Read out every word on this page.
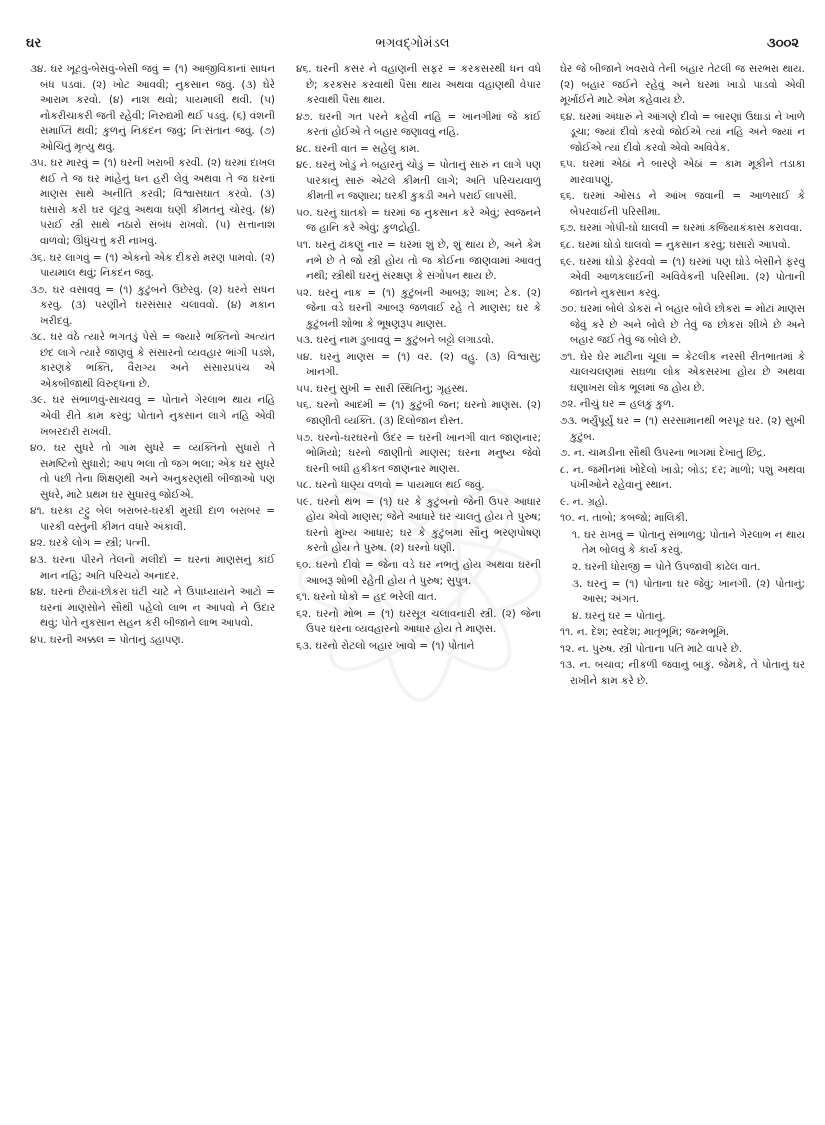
ઘર	ભગવદ્ગોમંડલ	૩૦૦૨

૩૪. ઘર ખૂટવું-બેસવું-બેસી જવું = (૧) આજીવિકાનાં સાધન બંધ પડવાં. (૨) ખોટ આવવી; નુકસાન જવું. (૩) ઘેરે આરામ કરવો. (૪) નાશ થવો; પાયમાલી થવી. (૫) નોકરીચાકરી જતી રહેવી; નિરુદ્યમી થઈ પડવું. (૬) વંશની સમાપ્તિ થવી; કુળનું નિકંદન જવું; નિઃસંતાન જવું. (૭) ઓચિંતું મૃત્યુ થવું.

૩૫. ઘર મારવું = (૧) ઘરની ખરાબી કરવી. (૨) ઘરમાં દાખલ થઈ તે જ ઘર માંહેનું ધન હરી લેવું અથવા તે જ ઘરનાં માણસ સાથે અનીતિ કરવી; વિશ્વાસઘાત કરવો. (૩) ઘસારો કરી ઘર લૂંટવું અથવા ઘણી કીમતનું ચોરવું. (૪) પરાઈ સ્ત્રી સાથે નઠારો સંબંધ રાખવો. (૫) સત્તાનાશ વાળવો; ઊંધુંચત્તું કરી નાખવું.

૩૬. ઘર લાગવું = (૧) એકનો એક દીકરો મરણ પામવો. (૨) પાયમાલ થવું; નિકંદન જવું.

૩૭. ઘર વસાવવું = (૧) કુટુંબને ઉછેરવું. (૨) ઘરને સધન કરવું. (૩) પરણીને ઘરસંસાર ચલાવવો. (૪) મકાન ખરીદવું.

૩૮. ઘર વંઠે ત્યારે ભગતડું પેસે = જ્યારે ભક્તિનો અત્યંત છંદ લાગે ત્યારે જાણવું કે સંસારનો વ્યવહાર ભાંગી પડશે, કારણકે ભક્તિ, વૈરાગ્ય અને સંસારપ્રપંચ એ એકબીજાથી વિરુદ્ધનાં છે.

૩૯. ઘર સંભાળવું-સાચવવું = પોતાને ગેરલાભ થાય નહિ એવી રીતે કામ કરવું; પોતાને નુકસાન લાગે નહિ એવી ખબરદારી રાખવી.

૪૦. ઘર સુધરે તો ગામ સુધરે = વ્યક્તિનો સુધારો તે સમષ્ટિનો સુધારો; આપ ભલા તો જગ ભલા; એક ઘર સુધરે તો પછી તેના શિક્ષણથી અને અનુકરણથી બીજાઓ પણ સુધરે, માટે પ્રથમ ઘર સુધારવું જોઈએ.

૪૧. ઘરકા ટટ્ટુ બેલ બરાબર-ઘરકી મુરઘી દાળ બરાબર = પારકી વસ્તુની કીમત વધારે અંકાવી.

૪૨. ઘરકે લોગ = સ્ત્રી; પત્ની.

૪૩. ઘરના પીરને તેલનો મલીદો = ઘરનાં માણસનું કાંઈ માન નહિ; અતિ પરિચયે અનાદર.

૪૪. ઘરનાં છૈયાં-છોકરાં ઘંટી ચાટે ને ઉપાધ્યાયને આટો = ઘરનાં માણસોને સૌથી પહેલો લાભ ન આપવો ને ઉદાર થવું; પોતે નુકસાન સહન કરી બીજાને લાભ આપવો.

૪૫. ઘરની અક્કલ = પોતાનું ડહાપણ.

૪૬. ઘરની કસર ને વહાણની સફર = કરકસરથી ધન વધે છે; કરકસર કરવાથી પૈસા થાય અથવા વહાણથી વેપાર કરવાથી પૈસા થાય.

૪૭. ઘરની ગત પરને કહેવી નહિ = ખાનગીમાં જે કાંઈ કરતાં હોઈએ તે બહાર જણાવવું નહિ.

૪૮. ઘરની વાત = સહેલું કામ.

૪૯. ઘરનું ખોડું ને બહારનું ચોડું = પોતાનું સારું ન લાગે પણ પારકાનું સારું એટલે કીમતી લાગે; અતિ પરિચયવાળું કીમતી ન જણાય; ઘરકી કુકડી અને પરાઈ લાપસી.

૫૦. ઘરનું ઘાતકો = ઘરમાં જ નુકસાન કરે એવું; સ્વજનને જ હાનિ કરે એવું; કુળદ્રોહી.

૫૧. ઘરનું ઢાંકણું નાર = ઘરમાં શું છે, શું થાય છે, અને કેમ નભે છે તે જો સ્ત્રી હોય તો જ કોઈના જાણવામાં આવતું નથી; સ્ત્રીથી ઘરનું સંરક્ષણ કે સંગોપન થાય છે.

૫૨. ઘરનું નાક = (૧) કુટુંબની આબરૂ; શાખ; ટેક. (૨) જેના વડે ઘરની આબરૂ જળવાઈ રહે તે માણસ; ઘર કે કુટુંબની શોભા કે ભૂષણરૂપ માણસ.

૫૩. ઘરનું નામ ડુબાવવું = કુટુંબને બટ્ટો લગાડવો.

૫૪. ઘરનું માણસ = (૧) વર. (૨) વહુ. (૩) વિશ્વાસુ; ખાનગી.

૫૫. ઘરનું સુખી = સારી સ્થિતિનું; ગૃહસ્થ.

૫૬. ઘરનો આદમી = (૧) કુટુંબી જન; ઘરનો માણસ. (૨) જાણીતી વ્યક્તિ. (૩) દિલોજાન દોસ્ત.

૫૭. ઘરનો-ઘરઘરનો ઉંદર = ઘરની ખાનગી વાત જાણનાર; ભોમિયો; ઘરનો જાણીતો માણસ; ઘરના મનુષ્ય જેવો ઘરની બધી હકીકત જાણનાર માણસ.

૫૮. ઘરનો ધાણ્ય વળવો = પાયમાલ થઈ જવું.

૫૯. ઘરનો થંભ = (૧) ઘર કે કુટુંબનો જેની ઉપર આધાર હોય એવો માણસ; જેને આધારે ઘર ચાલતું હોય તે પુરુષ; ઘરનો મુખ્ય આધાર; ઘર કે કુટુંબમાં સૌનું ભરણપોષણ કરતો હોય તે પુરુષ. (૨) ઘરનો ધણી.

૬૦. ઘરનો દીવો = જેના વડે ઘર નભતું હોય અથવા ઘરની આબરૂ શોભી રહેતી હોય તે પુરુષ; સુપુત્ર.

૬૧. ઘરનો ધોકો = હદ ભરેલી વાત.

૬૨. ઘરનો મોભ = (૧) ઘરસૂત્ર ચલાવનારી સ્ત્રી. (૨) જેના ઉપર ઘરના વ્યવહારનો આધાર હોય તે માણસ.

૬૩. ઘરનો રોટલો બહાર ખાવો = (૧) પોતાને

ઘેર જે બીજાને ખવરાવે તેની બહાર તેટલી જ સરભરા થાય. (૨) બહાર જઈને રહેવું અને ઘરમાં ખાડો પાડવો એવી મૂર્ખાઈને માટે એમ કહેવાય છે.

૬૪. ઘરમાં અંધારું ને આંગણે દીવો = બારણાં ઉઘાડાં ને ખાળે ડૂચા; જ્યાં દીવો કરવો જોઈએ ત્યાં નહિ અને જ્યાં ન જોઈએ ત્યાં દીવો કરવો એવો અવિવેક.

૬૫. ઘરમાં એઠાં ને બારણે એઠાં = કામ મૂકીને તડાકા મારવાપણું.

૬૬. ઘરમાં ઓસડ ને આંખ જવાની = આળસાઈ કે બેપરવાઈની પરિસીમા.

૬૭. ઘરમાં ગોપી-ઘો ઘાલવી = ઘરમાં કજિયાકંકાસ કરાવવા.

૬૮. ઘરમાં ઘોડો ઘાલવો = નુકસાન કરવું; ઘસારો આપવો.

૬૯. ઘરમાં ઘોડો ફેરવવો = (૧) ઘરમાં પણ ઘોડે બેસીને ફરવું એવી આળકલાઈની અવિવેકની પરિસીમા. (૨) પોતાની જાતને નુકસાન કરવું.

૭૦. ઘરમાં બોલે ડોકરાં ને બહાર બોલે છોકરાં = મોટાં માણસ જેવું કરે છે અને બોલે છે તેવું જ છોકરાં શીખે છે અને બહાર જઈ તેવું જ બોલે છે.

૭૧. ઘેર ઘેર માટીના ચૂલા = કેટલીક નરસી રીતભાતમાં કે ચાલચલણમાં સઘળા લોક એકસરખા હોય છે અથવા ઘણાખરા લોક ભૂલમાં જ હોય છે.

૭૨. નીચું ઘર = હલકું કુળ.

૭૩. ભર્યુંપૂર્યું ઘર = (૧) સરસામાનથી ભરપૂર ઘર. (૨) સુખી કુટુંબ.

૭. ન. ચામડીના સૌથી ઉપરના ભાગમાં દેખાતું છિદ્ર.

૮. ન. જમીનમાં ખોદેલો ખાડો; બોડ; દર; માળો; પશુ અથવા પંખીઓને રહેવાનું સ્થાન.

૯. ન. ગ્રહો.

૧૦. ન. તાબો; કબજો; માલિકી.

૧. ઘર રાખવું = પોતાનું સંભાળવું; પોતાને ગેરલાભ ન થાય તેમ બોલવું કે કાર્ય કરવું.

૨. ઘરની ધોરાજી = પોતે ઉપજાવી કાઢેલ વાત.

૩. ઘરનું = (૧) પોતાના ઘર જેવું; ખાનગી. (૨) પોતાનું; આસ; અંગત.

૪. ઘરનું ઘર = પોતાનું.

૧૧. ન. દેશ; સ્વદેશ; માતૃભૂમિ; જન્મભૂમિ.

૧૨. ન. પુરુષ. સ્ત્રી પોતાના પતિ માટે વાપરે છે.

૧૩. ન. બચાવ; નીકળી જવાનું બાકું. જેમકે, તે પોતાનું ઘર રાખીને કામ કરે છે.
